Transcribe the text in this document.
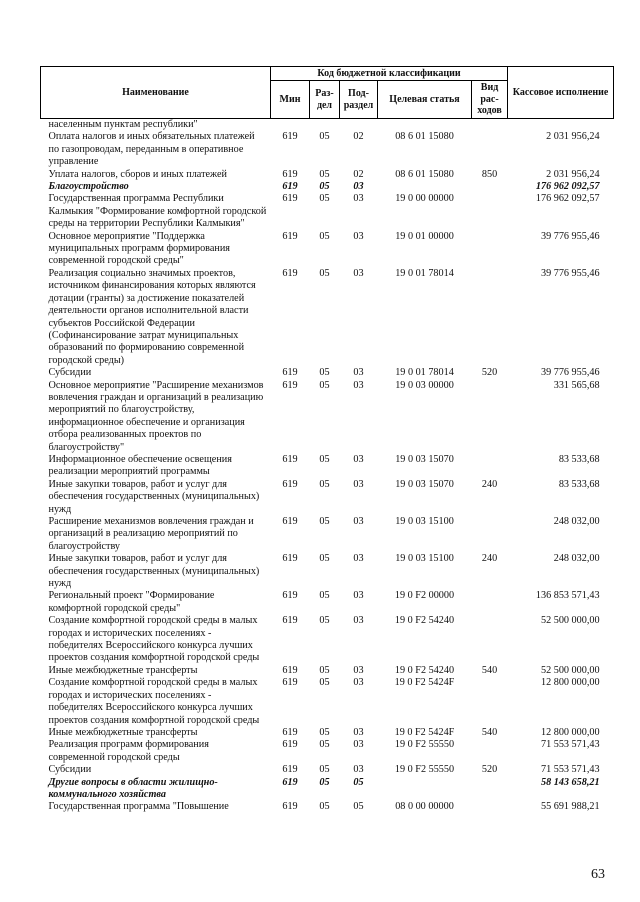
Наименование	Код бюджетной классификации					Кассовое исполнение
	Мин	Раз- дел	Под- раздел	Целевая статья	Вид рас- ходов	
населенным пунктам республики"						
Оплата налогов и иных обязательных платежей по газопроводам, переданным в оперативное управление	619	05	02	08 6 01 15080		2 031 956,24
Уплата налогов, сборов и иных платежей	619	05	02	08 6 01 15080	850	2 031 956,24
Благоустройство	619	05	03			176 962 092,57
Государственная программа Республики Калмыкия "Формирование комфортной городской среды на территории Республики Калмыкия"	619	05	03	19 0 00 00000		176 962 092,57
Основное мероприятие "Поддержка муниципальных программ формирования современной городской среды"	619	05	03	19 0 01 00000		39 776 955,46
Реализация социально значимых проектов, источником финансирования которых являются дотации (гранты) за достижение показателей деятельности органов исполнительной власти субъектов Российской Федерации (Софинансирование затрат муниципальных образований по формированию современной городской среды)	619	05	03	19 0 01 78014		39 776 955,46
Субсидии	619	05	03	19 0 01 78014	520	39 776 955,46
Основное мероприятие "Расширение механизмов вовлечения граждан и организаций в реализацию мероприятий по благоустройству, информационное обеспечение и организация отбора реализованных проектов по благоустройству"	619	05	03	19 0 03 00000		331 565,68
Информационное обеспечение освещения реализации мероприятий программы	619	05	03	19 0 03 15070		83 533,68
Иные закупки товаров, работ и услуг для обеспечения государственных (муниципальных) нужд	619	05	03	19 0 03 15070	240	83 533,68
Расширение механизмов вовлечения граждан и организаций в реализацию мероприятий по благоустройству	619	05	03	19 0 03 15100		248 032,00
Иные закупки товаров, работ и услуг для обеспечения государственных (муниципальных) нужд	619	05	03	19 0 03 15100	240	248 032,00
Региональный проект "Формирование комфортной городской среды"	619	05	03	19 0 F2 00000		136 853 571,43
Создание комфортной городской среды в малых городах и исторических поселениях - победителях Всероссийского конкурса лучших проектов создания комфортной городской среды	619	05	03	19 0 F2 54240		52 500 000,00
Иные межбюджетные трансферты	619	05	03	19 0 F2 54240	540	52 500 000,00
Создание комфортной городской среды в малых городах и исторических поселениях - победителях Всероссийского конкурса лучших проектов создания комфортной городской среды	619	05	03	19 0 F2 5424F		12 800 000,00
Иные межбюджетные трансферты	619	05	03	19 0 F2 5424F	540	12 800 000,00
Реализация программ формирования современной городской среды	619	05	03	19 0 F2 55550		71 553 571,43
Субсидии	619	05	03	19 0 F2 55550	520	71 553 571,43
Другие вопросы в области жилищно-коммунального хозяйства	619	05	05			58 143 658,21
Государственная программа "Повышение	619	05	05	08 0 00 00000		55 691 988,21
63
